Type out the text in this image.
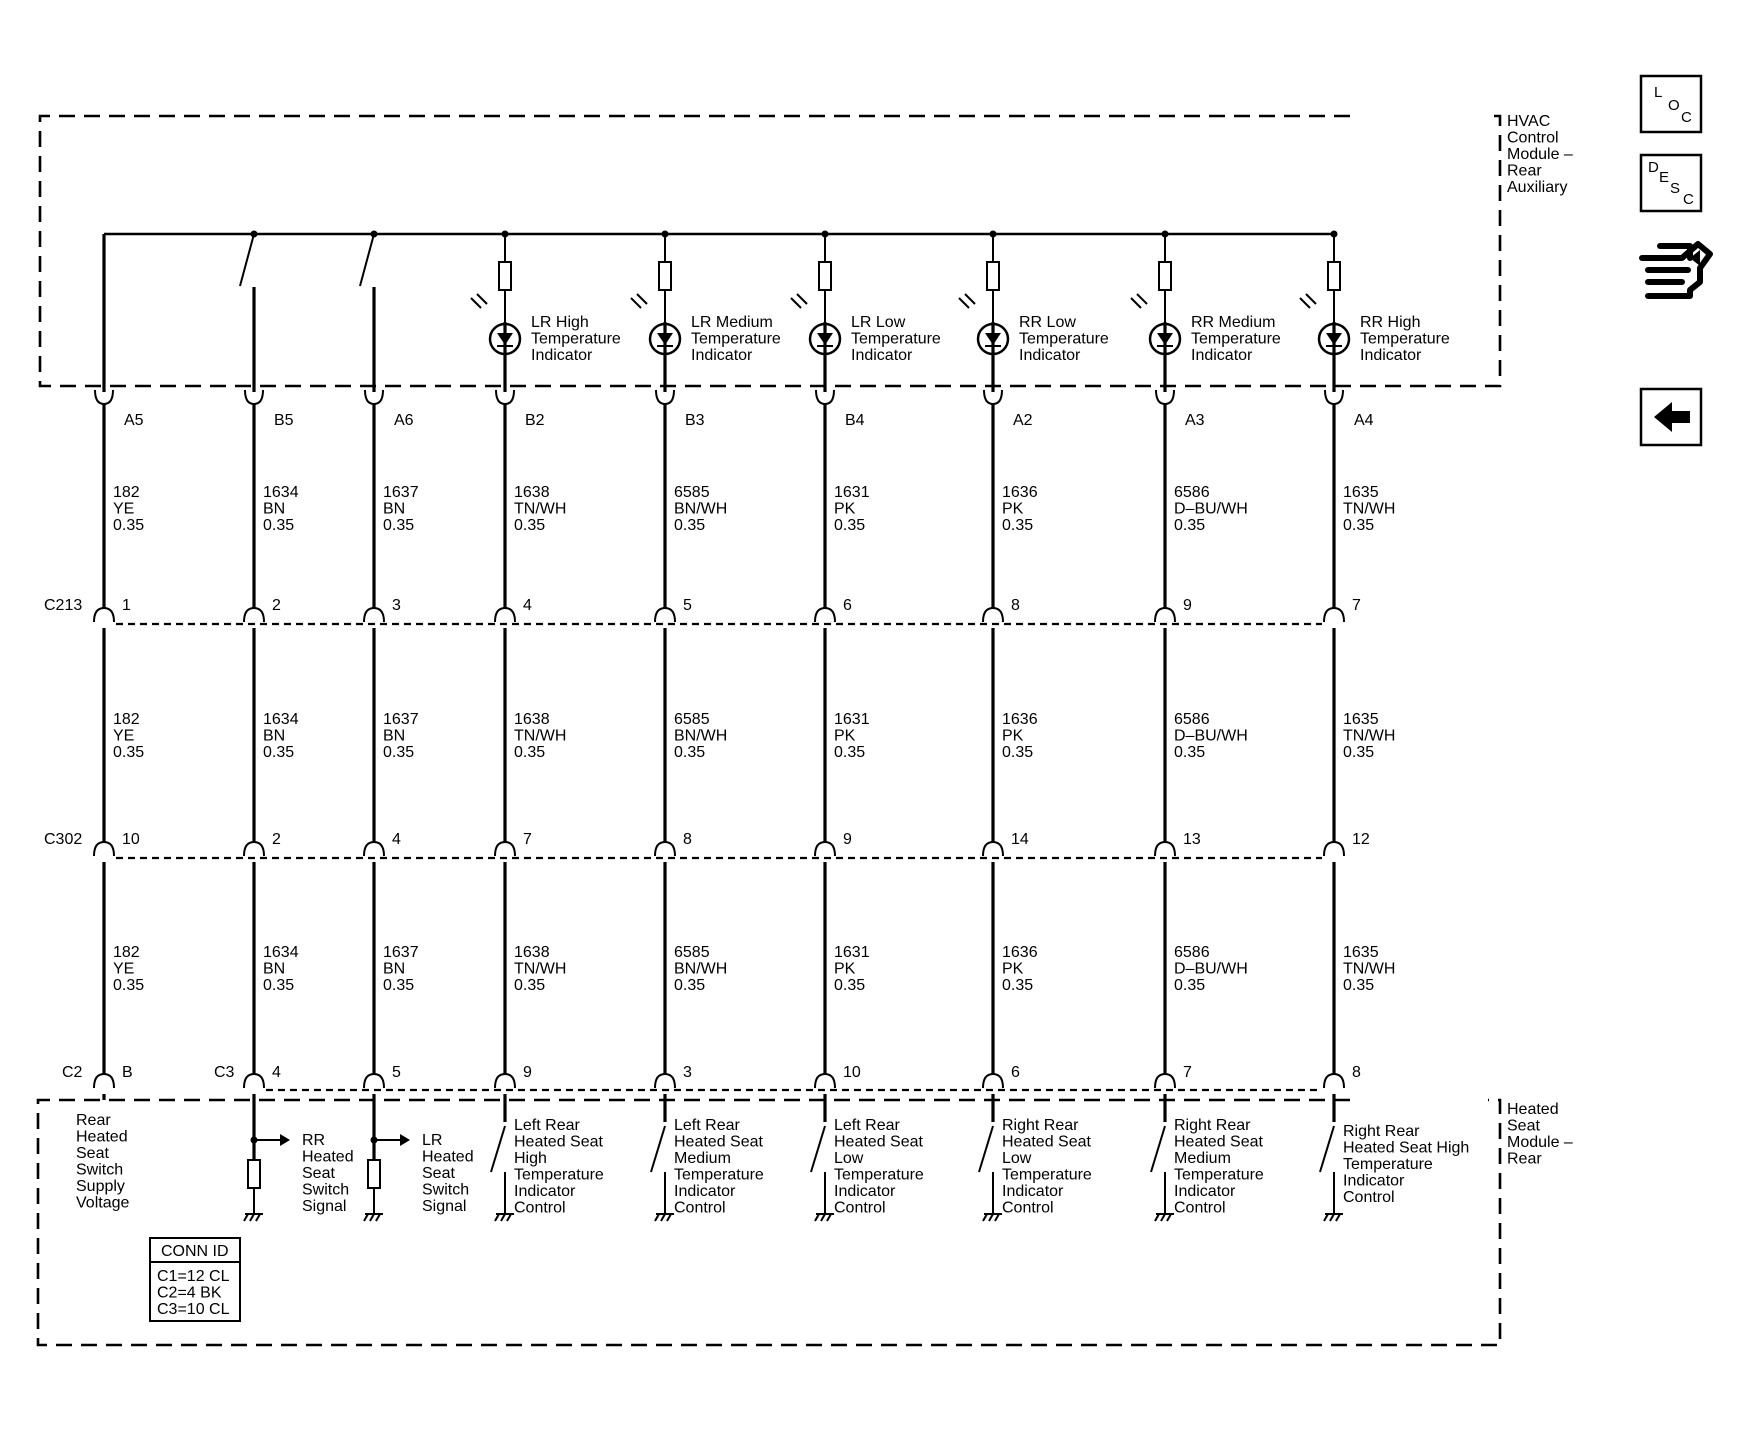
HVAC
Control
Module –
Rear
Auxiliary
Heated
Seat
Module –
Rear
A5
182
YE
0.35
1
182
YE
0.35
10
182
YE
0.35
B
Rear
Heated
Seat
Switch
Supply
Voltage
B5
1634
BN
0.35
2
1634
BN
0.35
2
1634
BN
0.35
4
RR
Heated
Seat
Switch
Signal
A6
1637
BN
0.35
3
1637
BN
0.35
4
1637
BN
0.35
5
LR
Heated
Seat
Switch
Signal
LR High
Temperature
Indicator
B2
1638
TN/WH
0.35
4
1638
TN/WH
0.35
7
1638
TN/WH
0.35
9
Left Rear
Heated Seat
High
Temperature
Indicator
Control
LR Medium
Temperature
Indicator
B3
6585
BN/WH
0.35
5
6585
BN/WH
0.35
8
6585
BN/WH
0.35
3
Left Rear
Heated Seat
Medium
Temperature
Indicator
Control
LR Low
Temperature
Indicator
B4
1631
PK
0.35
6
1631
PK
0.35
9
1631
PK
0.35
10
Left Rear
Heated Seat
Low
Temperature
Indicator
Control
RR Low
Temperature
Indicator
A2
1636
PK
0.35
8
1636
PK
0.35
14
1636
PK
0.35
6
Right Rear
Heated Seat
Low
Temperature
Indicator
Control
RR Medium
Temperature
Indicator
A3
6586
D–BU/WH
0.35
9
6586
D–BU/WH
0.35
13
6586
D–BU/WH
0.35
7
Right Rear
Heated Seat
Medium
Temperature
Indicator
Control
RR High
Temperature
Indicator
A4
1635
TN/WH
0.35
7
1635
TN/WH
0.35
12
1635
TN/WH
0.35
8
Right Rear
Heated Seat High
Temperature
Indicator
Control
C213
C302
C2	C3
CONN ID
C1=12 CL
C2=4 BK
C3=10 CL
L
O
C
D
E
S
C
